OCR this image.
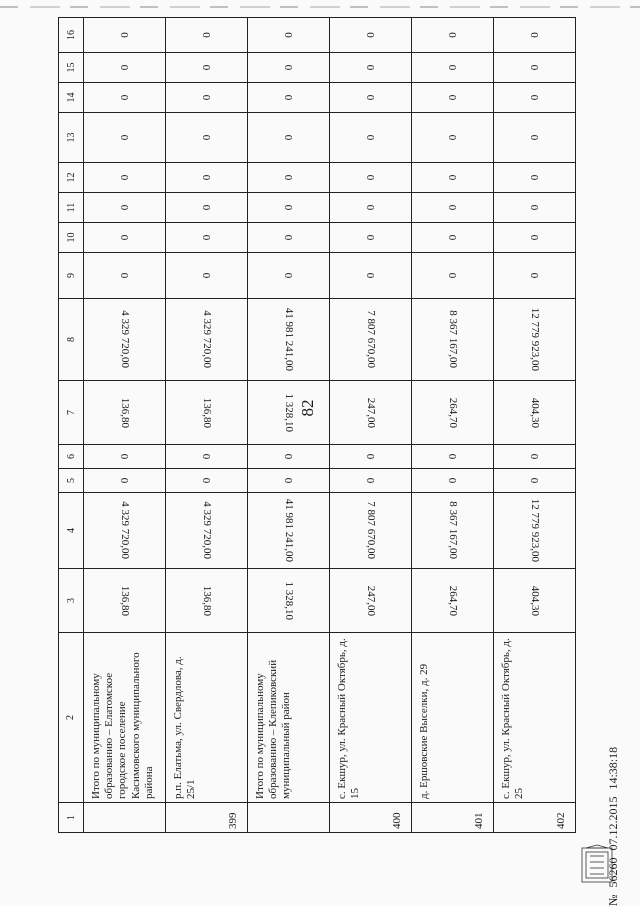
1	2	3	4	5	6	7	8	9	10	11	12	13	14	15	16
	Итого по муниципальному образованию – Елатомское городское поселение Касимовского муниципального района	136,80	4 329 720,00	0	0	136,80	4 329 720,00	0	0	0	0	0	0	0	0
399	р.п. Елатьма, ул. Свердлова, д. 25/1	136,80	4 329 720,00	0	0	136,80	4 329 720,00	0	0	0	0	0	0	0	0
	Итого по муниципальному образованию – Клепиковский муниципальный район	1 328,10	41 981 241,00	0	0	1 328,10	41 981 241,00	0	0	0	0	0	0	0	0
400	с. Екшур, ул. Красный Октябрь, д. 15	247,00	7 807 670,00	0	0	247,00	7 807 670,00	0	0	0	0	0	0	0	0
401	д. Ершовские Выселки, д. 29	264,70	8 367 167,00	0	0	264,70	8 367 167,00	0	0	0	0	0	0	0	0
402	с. Екшур, ул. Красный Октябрь, д. 25	404,30	12 779 923,00	0	0	404,30	12 779 923,00	0	0	0	0	0	0	0	0
82
№ 56260 07.12.2015 14:38:18
